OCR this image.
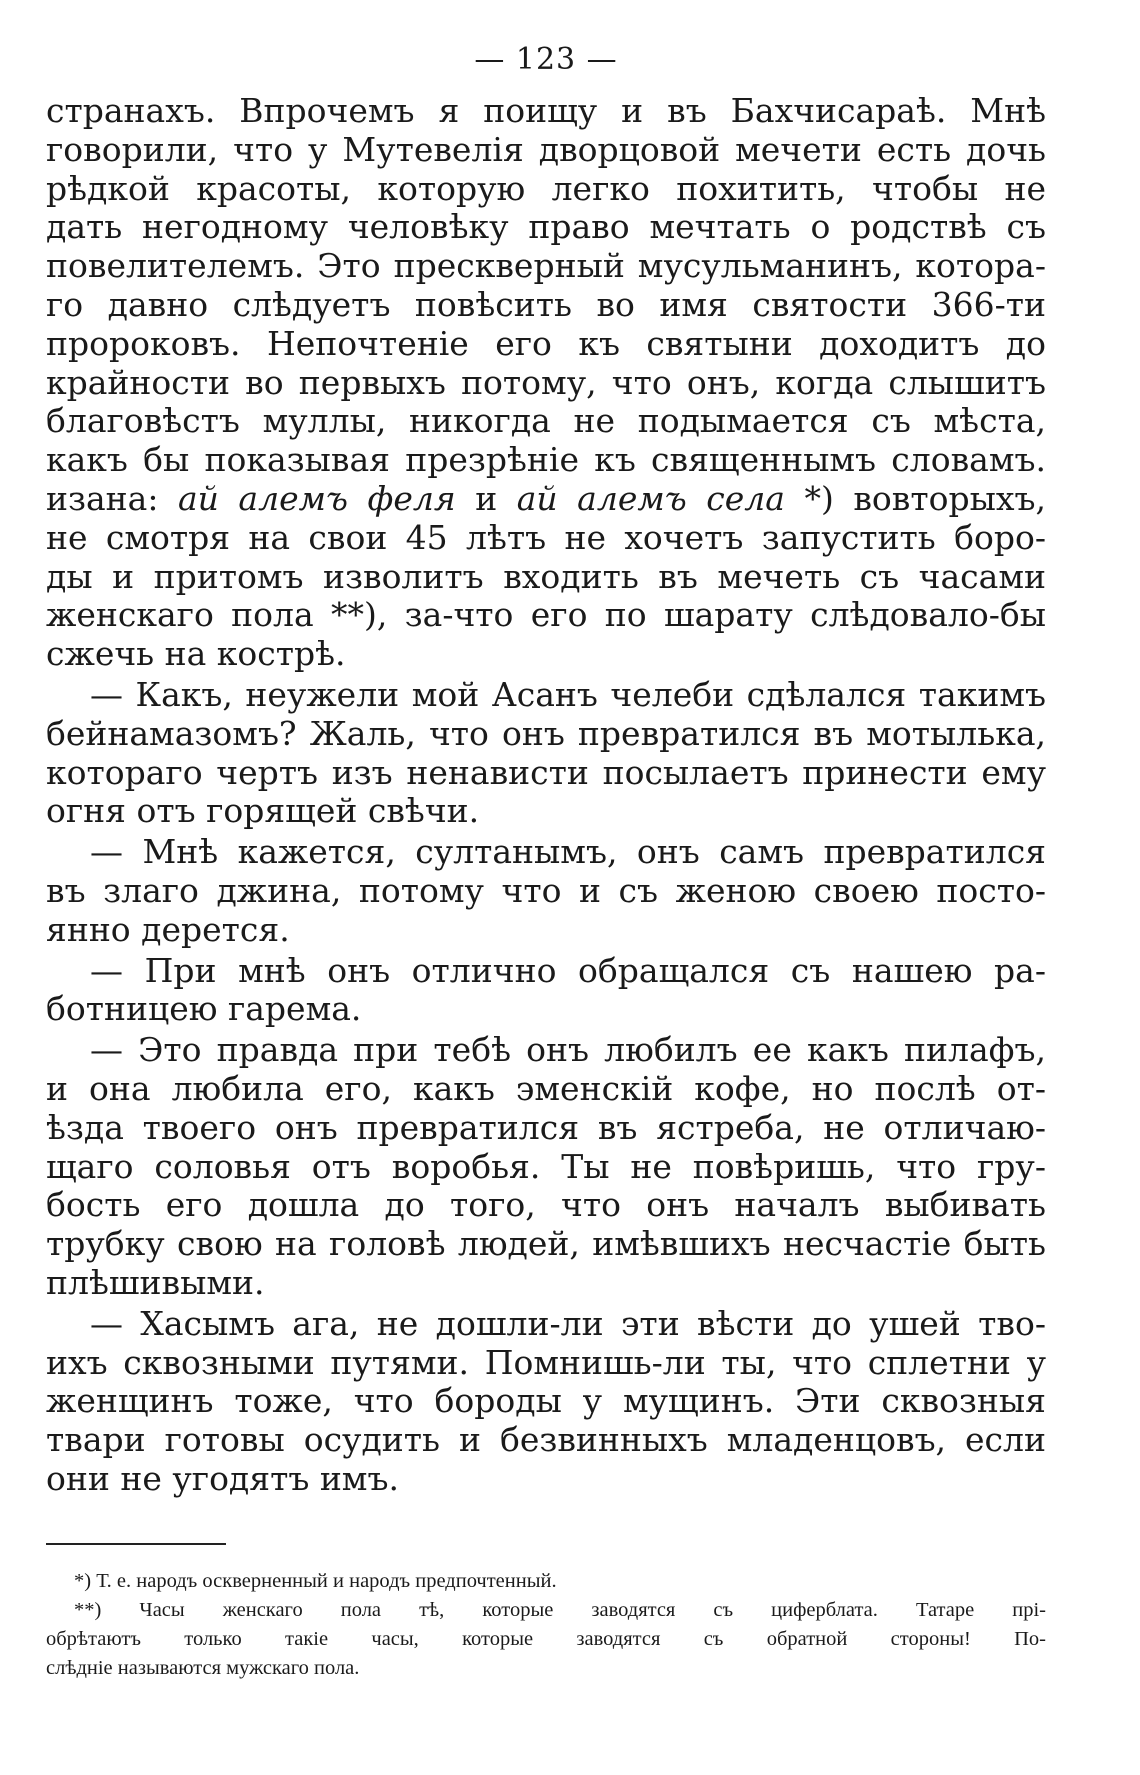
— 123 —
странахъ. Впрочемъ я поищу и въ Бахчисараѣ. Мнѣ
говорили, что у Мутевелія дворцовой мечети есть дочь
рѣдкой красоты, которую легко похитить, чтобы не
дать негодному человѣку право мечтать о родствѣ съ
повелителемъ. Это прескверный мусульманинъ, котора-
го давно слѣдуетъ повѣсить во имя святости 366-ти
пророковъ. Непочтеніе его къ святыни доходитъ до
крайности во первыхъ потому, что онъ, когда слышитъ
благовѣстъ муллы, никогда не подымается съ мѣста,
какъ бы показывая презрѣніе къ священнымъ словамъ.
изана: ай алемъ феля и ай алемъ села *) вовторыхъ,
не смотря на свои 45 лѣтъ не хочетъ запустить боро-
ды и притомъ изволитъ входить въ мечеть съ часами
женскаго пола **), за-что его по шарату слѣдовало-бы
сжечь на кострѣ.
— Какъ, неужели мой Асанъ челеби сдѣлался такимъ
бейнамазомъ? Жаль, что онъ превратился въ мотылька,
котораго чертъ изъ ненависти посылаетъ принести ему
огня отъ горящей свѣчи.
— Мнѣ кажется, султанымъ, онъ самъ превратился
въ злаго джина, потому что и съ женою своею посто-
янно дерется.
— При мнѣ онъ отлично обращался съ нашею ра-
ботницею гарема.
— Это правда при тебѣ онъ любилъ ее какъ пилафъ,
и она любила его, какъ эменскій кофе, но послѣ от-
ѣзда твоего онъ превратился въ ястреба, не отличаю-
щаго соловья отъ воробья. Ты не повѣришь, что гру-
бость его дошла до того, что онъ началъ выбивать
трубку свою на головѣ людей, имѣвшихъ несчастіе быть
плѣшивыми.
— Хасымъ ага, не дошли-ли эти вѣсти до ушей тво-
ихъ сквозными путями. Помнишь-ли ты, что сплетни у
женщинъ тоже, что бороды у мущинъ. Эти сквозныя
твари готовы осудить и безвинныхъ младенцовъ, если
они не угодятъ имъ.
*) Т. е. народъ оскверненный и народъ предпочтенный.
**) Часы женскаго пола тѣ, которые заводятся съ циферблата. Татаре прі-
обрѣтаютъ только такіе часы, которые заводятся съ обратной стороны! По-
слѣдніе называются мужскаго пола.
